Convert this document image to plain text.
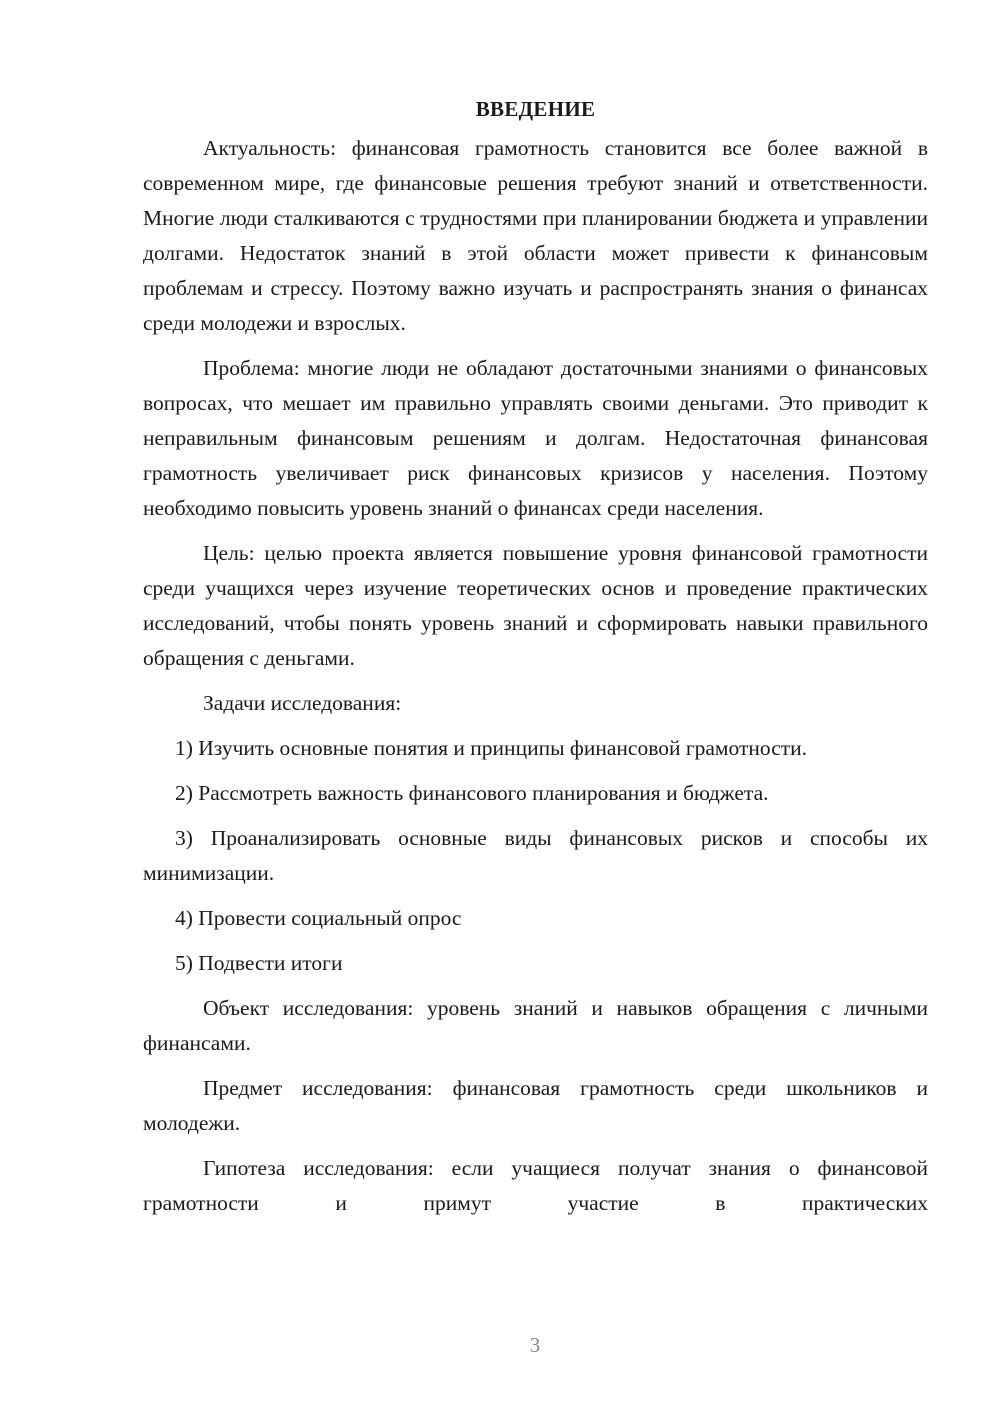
ВВЕДЕНИЕ

Актуальность: финансовая грамотность становится все более важной в современном мире, где финансовые решения требуют знаний и ответственности. Многие люди сталкиваются с трудностями при планировании бюджета и управлении долгами. Недостаток знаний в этой области может привести к финансовым проблемам и стрессу. Поэтому важно изучать и распространять знания о финансах среди молодежи и взрослых.

Проблема: многие люди не обладают достаточными знаниями о финансовых вопросах, что мешает им правильно управлять своими деньгами. Это приводит к неправильным финансовым решениям и долгам. Недостаточная финансовая грамотность увеличивает риск финансовых кризисов у населения. Поэтому необходимо повысить уровень знаний о финансах среди населения.

Цель: целью проекта является повышение уровня финансовой грамотности среди учащихся через изучение теоретических основ и проведение практических исследований, чтобы понять уровень знаний и сформировать навыки правильного обращения с деньгами.

Задачи исследования:

1) Изучить основные понятия и принципы финансовой грамотности.

2) Рассмотреть важность финансового планирования и бюджета.

3) Проанализировать основные виды финансовых рисков и способы их минимизации.

4) Провести социальный опрос

5) Подвести итоги

Объект исследования: уровень знаний и навыков обращения с личными финансами.

Предмет исследования: финансовая грамотность среди школьников и молодежи.

Гипотеза исследования: если учащиеся получат знания о финансовой грамотности и примут участие в практических

3
